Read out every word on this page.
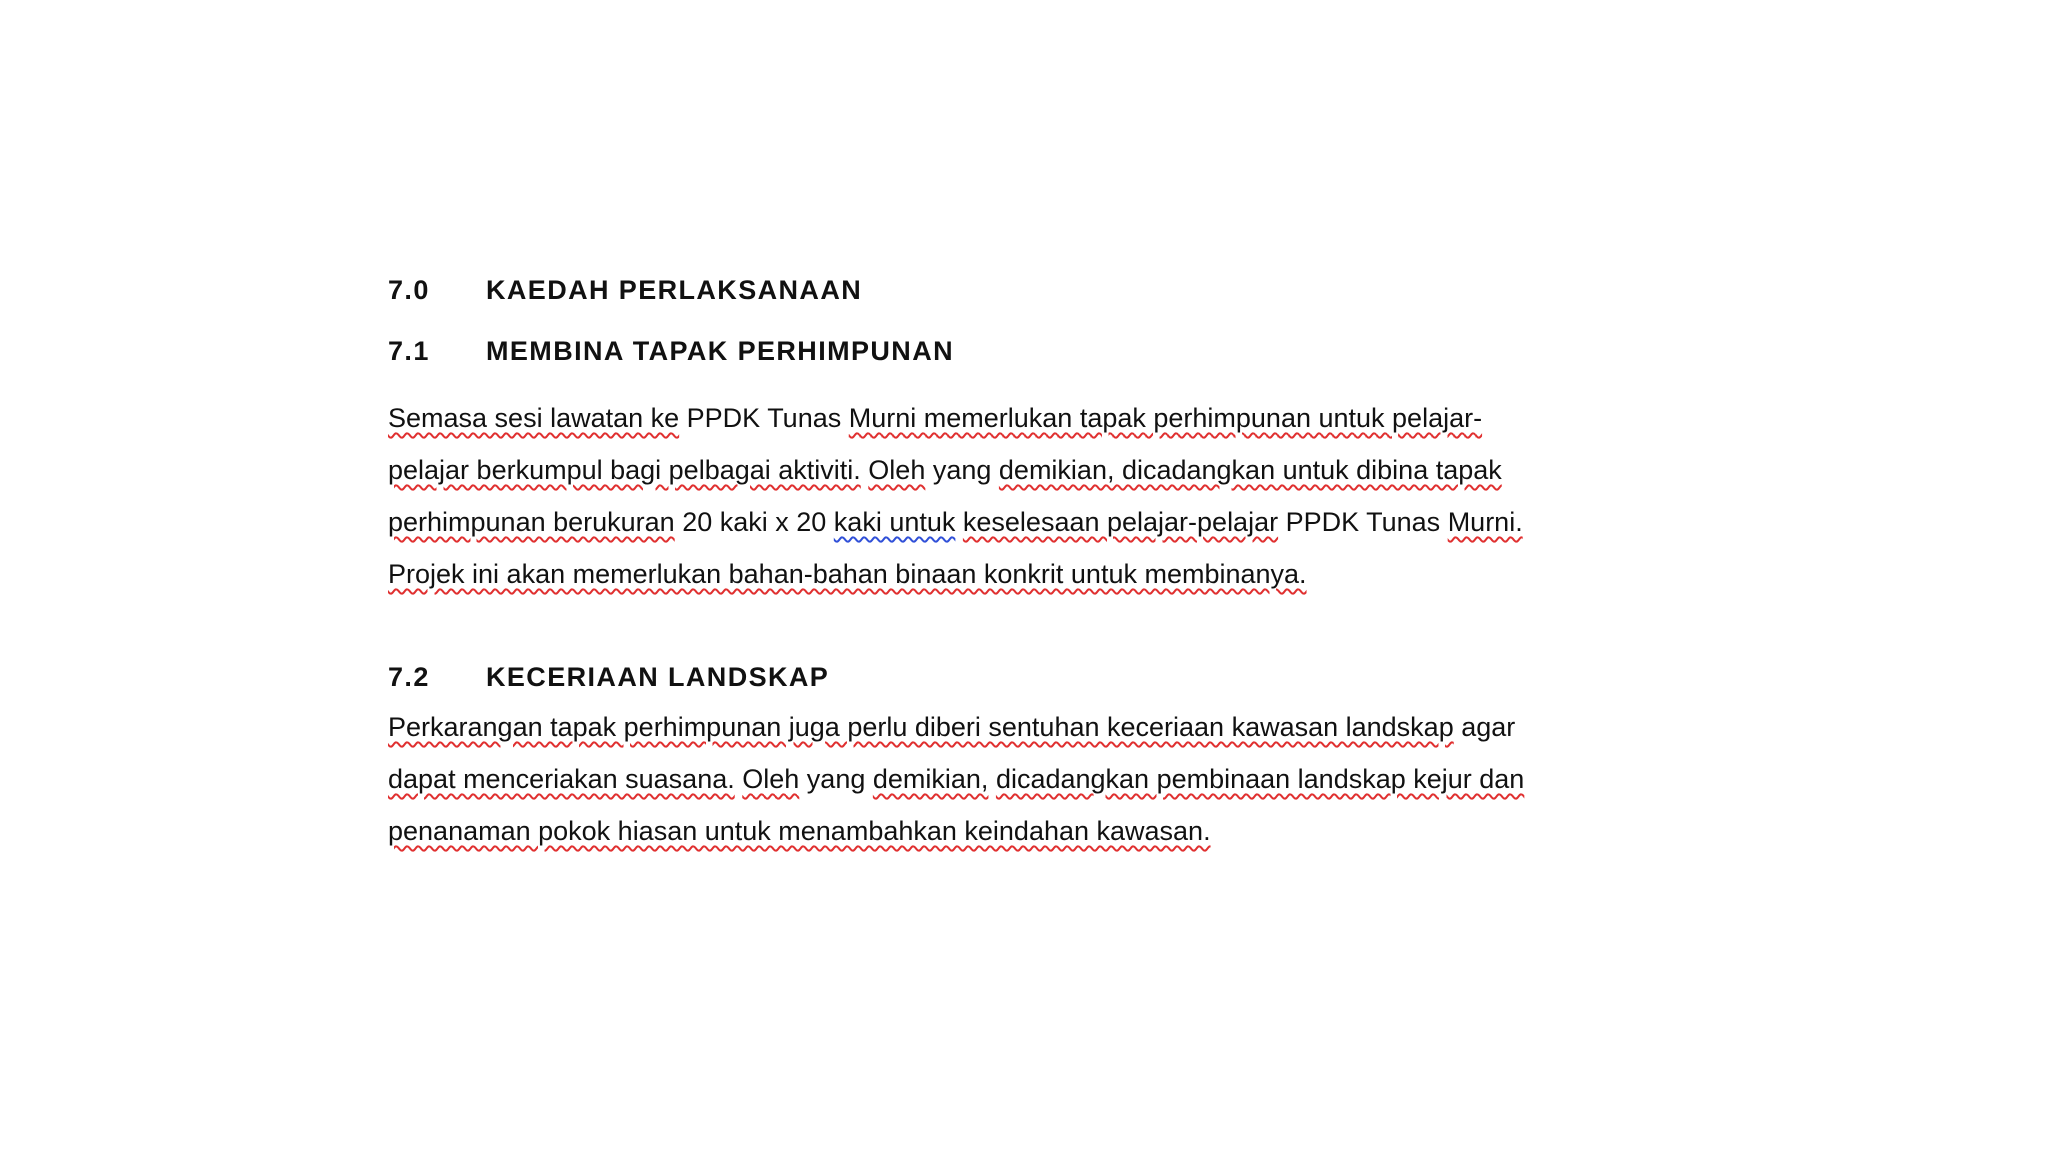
7.0 KAEDAH PERLAKSANAAN
7.1 MEMBINA TAPAK PERHIMPUNAN
Semasa sesi lawatan ke PPDK Tunas Murni memerlukan tapak perhimpunan untuk pelajar-
pelajar berkumpul bagi pelbagai aktiviti. Oleh yang demikian, dicadangkan untuk dibina tapak
perhimpunan berukuran 20 kaki x 20 kaki untuk keselesaan pelajar-pelajar PPDK Tunas Murni.
Projek ini akan memerlukan bahan-bahan binaan konkrit untuk membinanya.
7.2 KECERIAAN LANDSKAP
Perkarangan tapak perhimpunan juga perlu diberi sentuhan keceriaan kawasan landskap agar
dapat menceriakan suasana. Oleh yang demikian, dicadangkan pembinaan landskap kejur dan
penanaman pokok hiasan untuk menambahkan keindahan kawasan.
